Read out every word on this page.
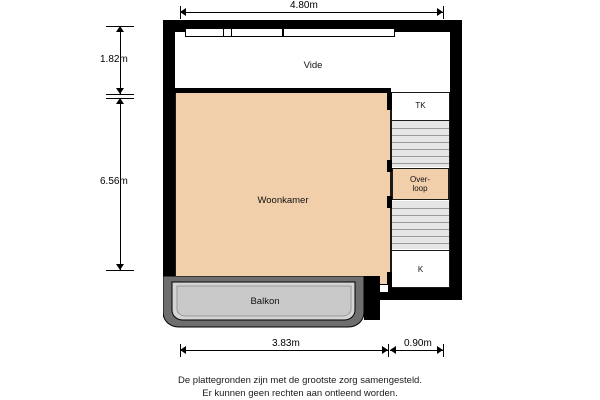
4.80m
1.82m
6.56m
Vide
Woonkamer
TK
Over-
loop
K
Balkon
3.83m	0.90m
De plattegronden zijn met de grootste zorg samengesteld.
Er kunnen geen rechten aan ontleend worden.
